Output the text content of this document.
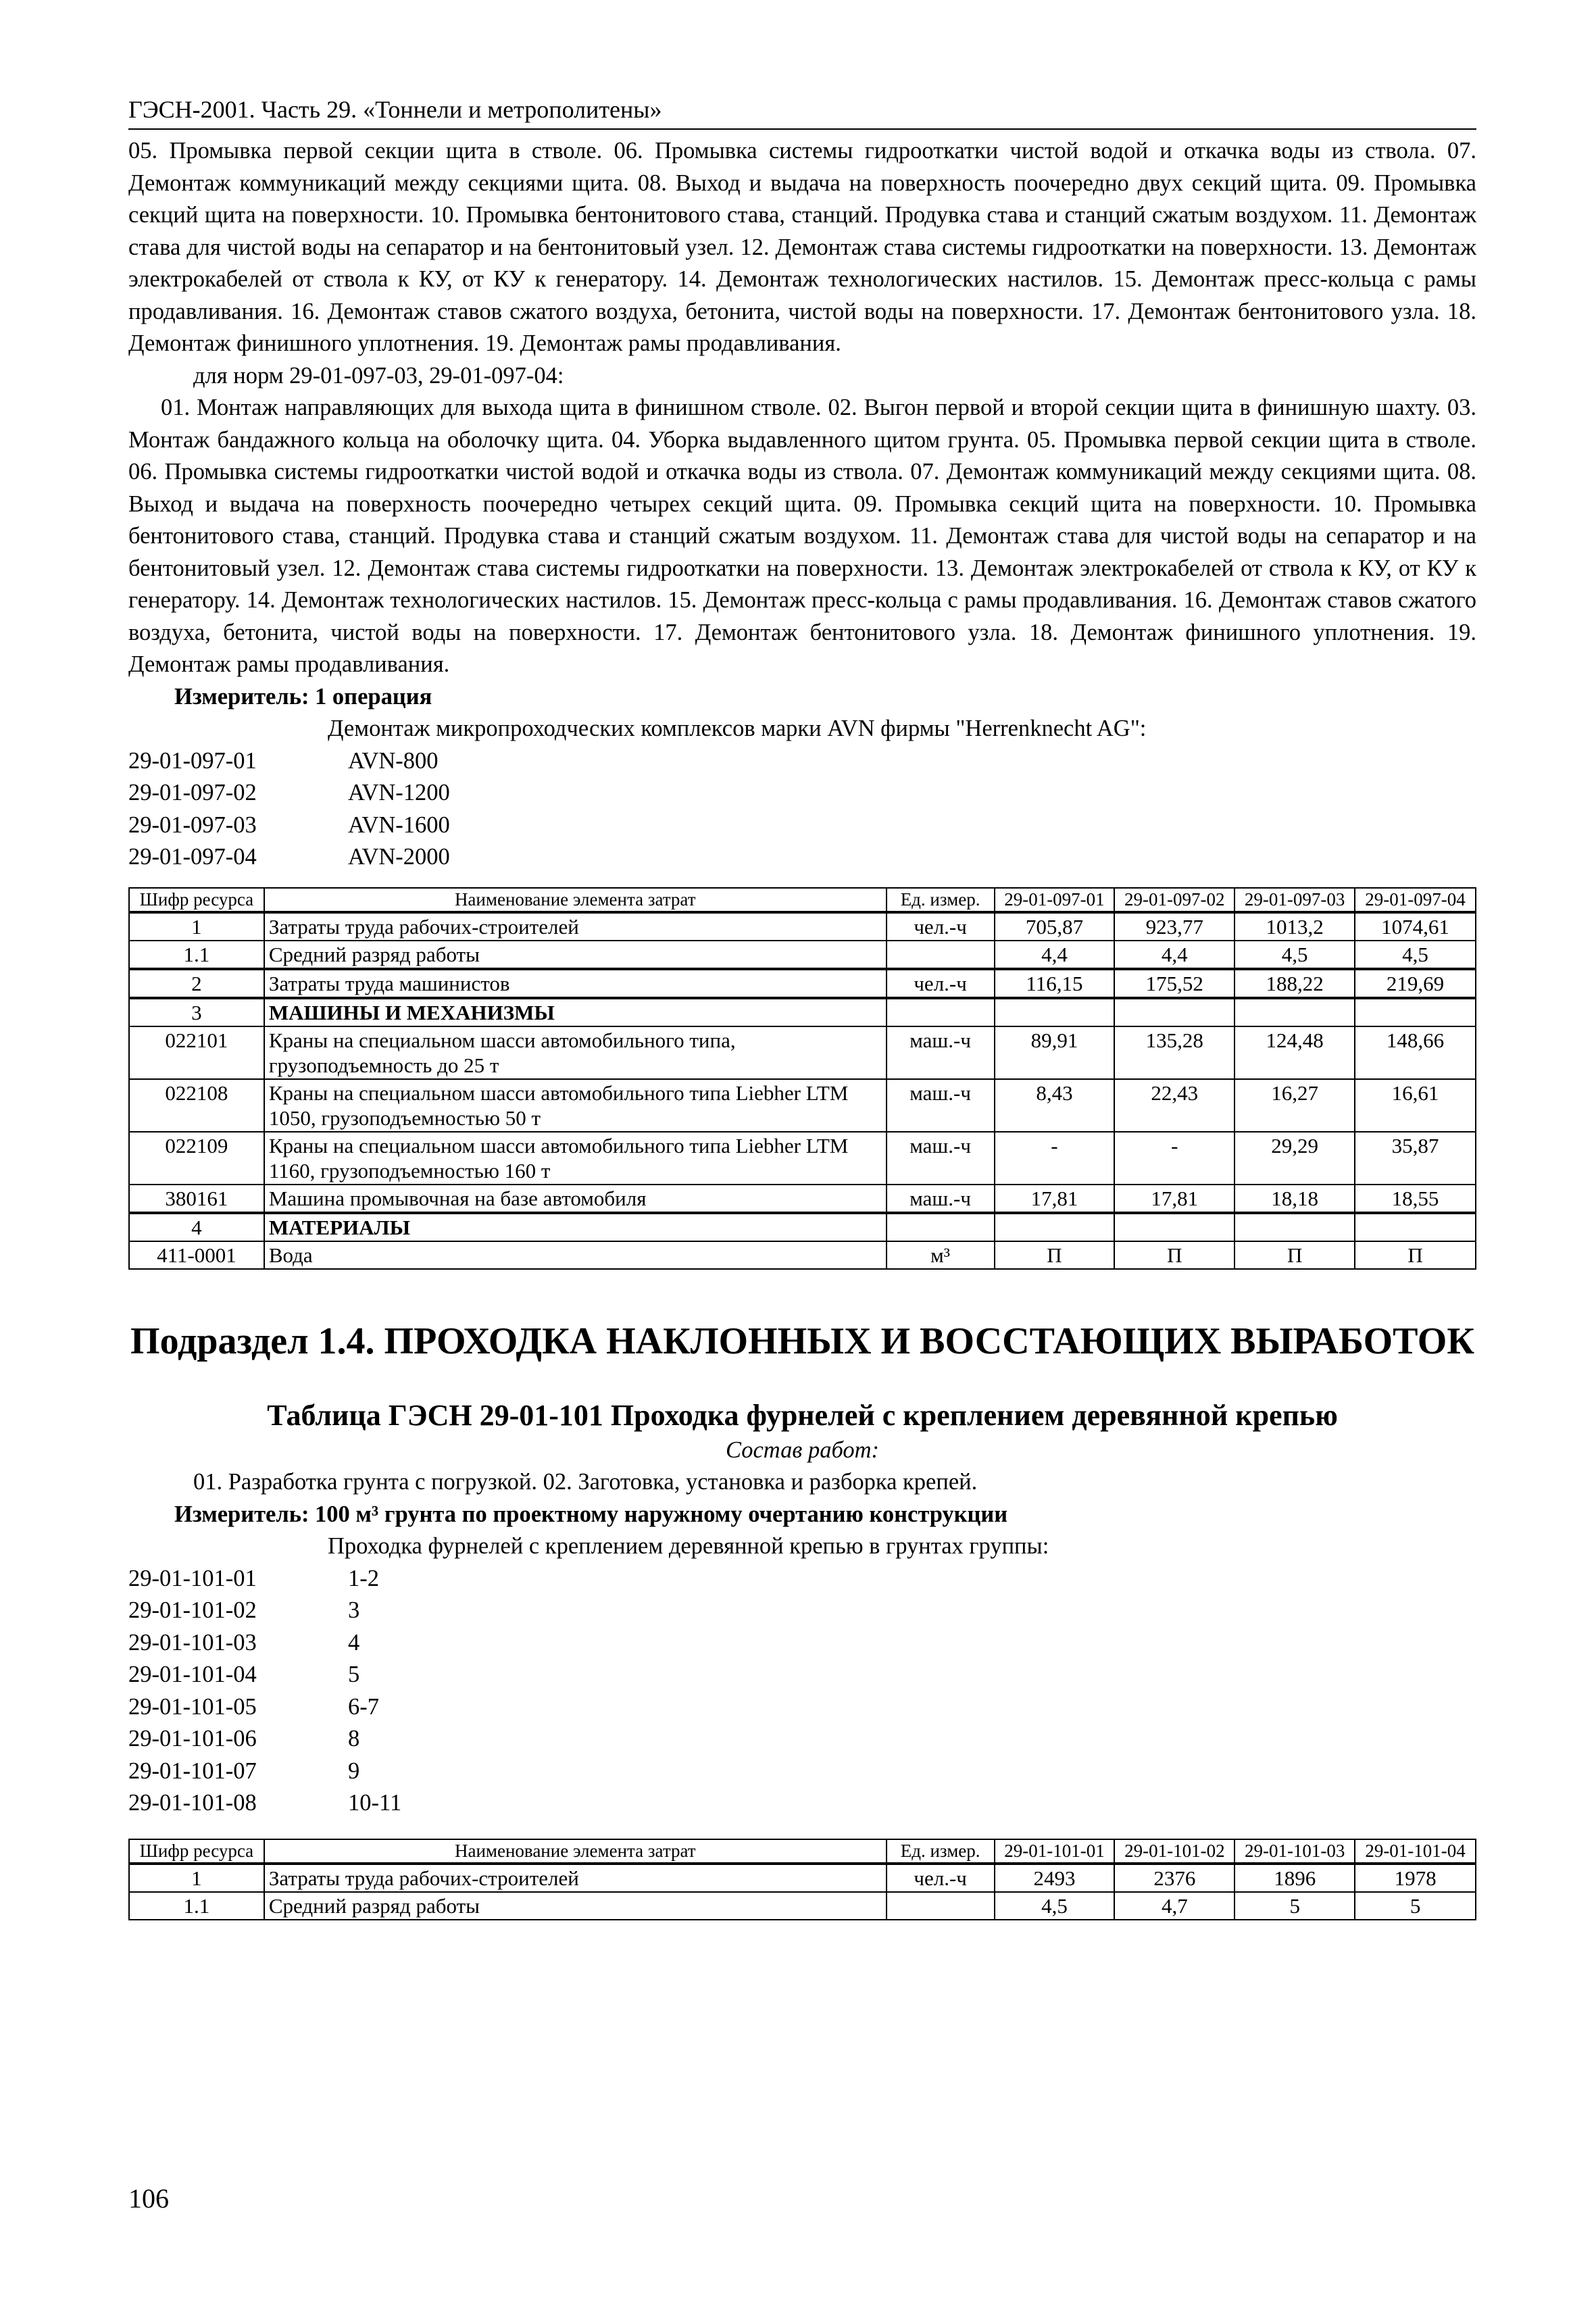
ГЭСН-2001. Часть 29. «Тоннели и метрополитены»

05. Промывка первой секции щита в стволе. 06. Промывка системы гидрооткатки чистой водой и откачка воды из ствола. 07. Демонтаж коммуникаций между секциями щита. 08. Выход и выдача на поверхность поочередно двух секций щита. 09. Промывка секций щита на поверхности. 10. Промывка бентонитового става, станций. Продувка става и станций сжатым воздухом. 11. Демонтаж става для чистой воды на сепаратор и на бентонитовый узел. 12. Демонтаж става системы гидрооткатки на поверхности. 13. Демонтаж электрокабелей от ствола к КУ, от КУ к генератору. 14. Демонтаж технологических настилов. 15. Демонтаж пресс-кольца с рамы продавливания. 16. Демонтаж ставов сжатого воздуха, бетонита, чистой воды на поверхности. 17. Демонтаж бентонитового узла. 18. Демонтаж финишного уплотнения. 19. Демонтаж рамы продавливания.

для норм 29-01-097-03, 29-01-097-04:

01. Монтаж направляющих для выхода щита в финишном стволе. 02. Выгон первой и второй секции щита в финишную шахту. 03. Монтаж бандажного кольца на оболочку щита. 04. Уборка выдавленного щитом грунта. 05. Промывка первой секции щита в стволе. 06. Промывка системы гидрооткатки чистой водой и откачка воды из ствола. 07. Демонтаж коммуникаций между секциями щита. 08. Выход и выдача на поверхность поочередно четырех секций щита. 09. Промывка секций щита на поверхности. 10. Промывка бентонитового става, станций. Продувка става и станций сжатым воздухом. 11. Демонтаж става для чистой воды на сепаратор и на бентонитовый узел. 12. Демонтаж става системы гидрооткатки на поверхности. 13. Демонтаж электрокабелей от ствола к КУ, от КУ к генератору. 14. Демонтаж технологических настилов. 15. Демонтаж пресс-кольца с рамы продавливания. 16. Демонтаж ставов сжатого воздуха, бетонита, чистой воды на поверхности. 17. Демонтаж бентонитового узла. 18. Демонтаж финишного уплотнения. 19. Демонтаж рамы продавливания.

Измеритель: 1 операция

Демонтаж микропроходческих комплексов марки AVN фирмы "Herrenknecht AG":
29-01-097-01	AVN-800
29-01-097-02	AVN-1200
29-01-097-03	AVN-1600
29-01-097-04	AVN-2000
Шифр ресурса	Наименование элемента затрат	Ед. измер.	29-01-097-01	29-01-097-02	29-01-097-03	29-01-097-04
1	Затраты труда рабочих-строителей	чел.-ч	705,87	923,77	1013,2	1074,61
1.1	Средний разряд работы		4,4	4,4	4,5	4,5
2	Затраты труда машинистов	чел.-ч	116,15	175,52	188,22	219,69
3	МАШИНЫ И МЕХАНИЗМЫ					
022101	Краны на специальном шасси автомобильного типа, грузоподъемность до 25 т	маш.-ч	89,91	135,28	124,48	148,66
022108	Краны на специальном шасси автомобильного типа Liebher LTM 1050, грузоподъемностью 50 т	маш.-ч	8,43	22,43	16,27	16,61
022109	Краны на специальном шасси автомобильного типа Liebher LTM 1160, грузоподъемностью 160 т	маш.-ч	-	-	29,29	35,87
380161	Машина промывочная на базе автомобиля	маш.-ч	17,81	17,81	18,18	18,55
4	МАТЕРИАЛЫ					
411-0001	Вода	м³	П	П	П	П

Подраздел 1.4. ПРОХОДКА НАКЛОННЫХ И ВОССТАЮЩИХ ВЫРАБОТОК

Таблица ГЭСН 29-01-101 Проходка фурнелей с креплением деревянной крепью

Состав работ:

01. Разработка грунта с погрузкой. 02. Заготовка, установка и разборка крепей.

Измеритель: 100 м³ грунта по проектному наружному очертанию конструкции

Проходка фурнелей с креплением деревянной крепью в грунтах группы:
29-01-101-01	1-2
29-01-101-02	3
29-01-101-03	4
29-01-101-04	5
29-01-101-05	6-7
29-01-101-06	8
29-01-101-07	9
29-01-101-08	10-11
Шифр ресурса	Наименование элемента затрат	Ед. измер.	29-01-101-01	29-01-101-02	29-01-101-03	29-01-101-04
1	Затраты труда рабочих-строителей	чел.-ч	2493	2376	1896	1978
1.1	Средний разряд работы		4,5	4,7	5	5
106
